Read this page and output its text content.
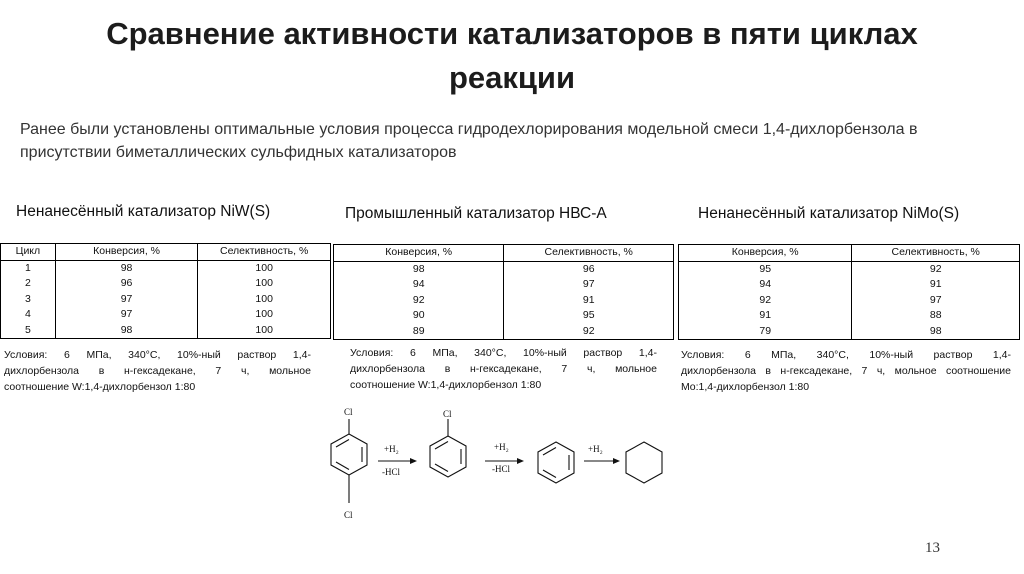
Сравнение активности катализаторов в пяти циклах реакции

Ранее были установлены оптимальные условия процесса гидродехлорирования модельной смеси 1,4-дихлорбензола в присутствии биметаллических сульфидных катализаторов

Ненанесённый катализатор NiW(S)
Цикл	Конверсия, %	Селективность, %
1	98	100
2	96	100
3	97	100
4	97	100
5	98	100
Условия: 6 МПа, 340°С, 10%-ный раствор 1,4-
дихлорбензола в н-гексадекане, 7 ч, мольное
соотношение W:1,4-дихлорбензол 1:80
Промышленный катализатор НВС-А
Конверсия, %	Селективность, %
98	96
94	97
92	91
90	95
89	92
Условия: 6 МПа, 340°С, 10%-ный раствор 1,4-
дихлорбензола в н-гексадекане, 7 ч, мольное
соотношение W:1,4-дихлорбензол 1:80
Ненанесённый катализатор NiMo(S)
Конверсия, %	Селективность, %
95	92
94	91
92	97
91	88
79	98
Условия: 6 МПа, 340°С, 10%-ный раствор 1,4-
дихлорбензола в н-гексадекане, 7 ч, мольное соотношение
Mo:1,4-дихлорбензол 1:80
Cl
Cl
Cl
+H₂
-HCl
+H₂
-HCl
+H₂
13
